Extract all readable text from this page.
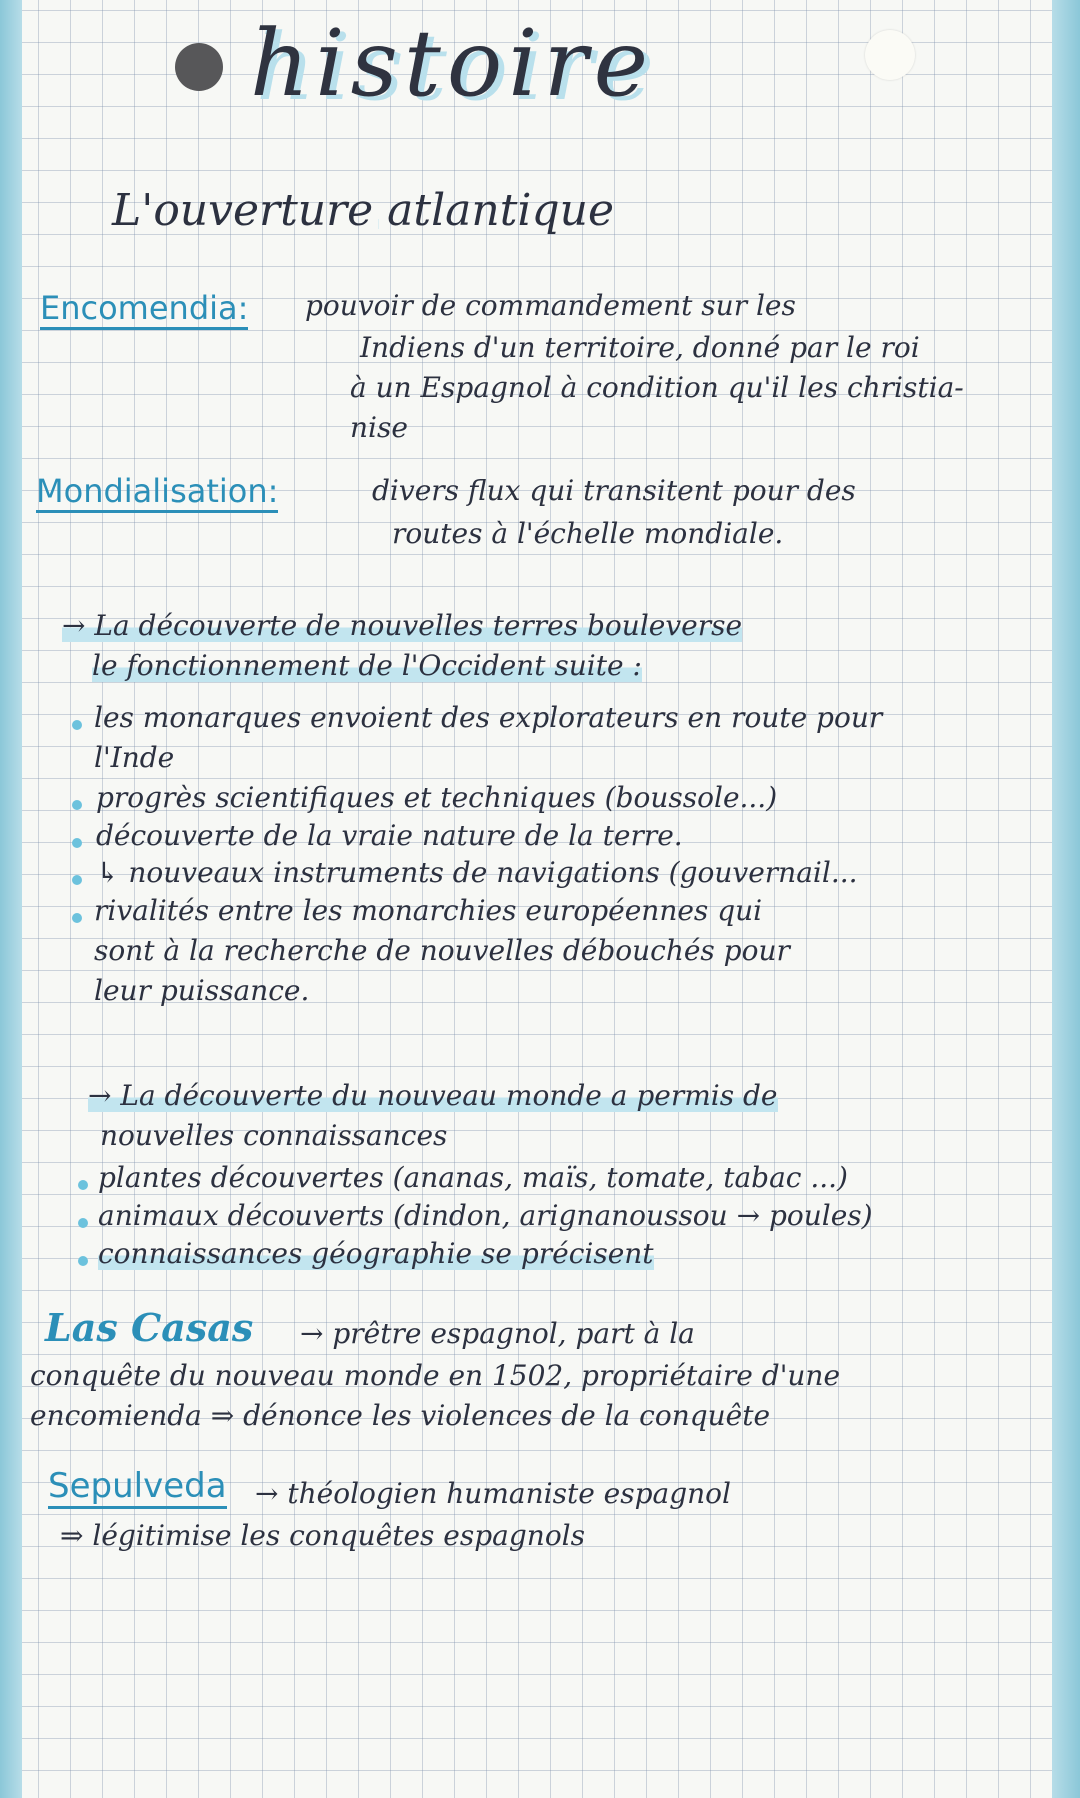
histoire
L'ouverture atlantique
Encomendia: pouvoir de commandement sur les
Indiens d'un territoire, donné par le roi
à un Espagnol à condition qu'il les christia-
nise
Mondialisation:	divers flux qui transitent pour des
routes à l'échelle mondiale.
→ La découverte de nouvelles terres bouleverse
le fonctionnement de l'Occident suite :
les monarques envoient des explorateurs en route pour
l'Inde
progrès scientifiques et techniques (boussole...)
découverte de la vraie nature de la terre.
↳ nouveaux instruments de navigations (gouvernail...
rivalités entre les monarchies européennes qui
sont à la recherche de nouvelles débouchés pour
leur puissance.
→ La découverte du nouveau monde a permis de
nouvelles connaissances
plantes découvertes (ananas, maïs, tomate, tabac ...)
animaux découverts (dindon, arignanoussou → poules)
connaissances géographie se précisent
Las Casas → prêtre espagnol, part à la
conquête du nouveau monde en 1502, propriétaire d'une
encomienda ⇒ dénonce les violences de la conquête
Sepulveda → théologien humaniste espagnol
⇒ légitimise les conquêtes espagnols
